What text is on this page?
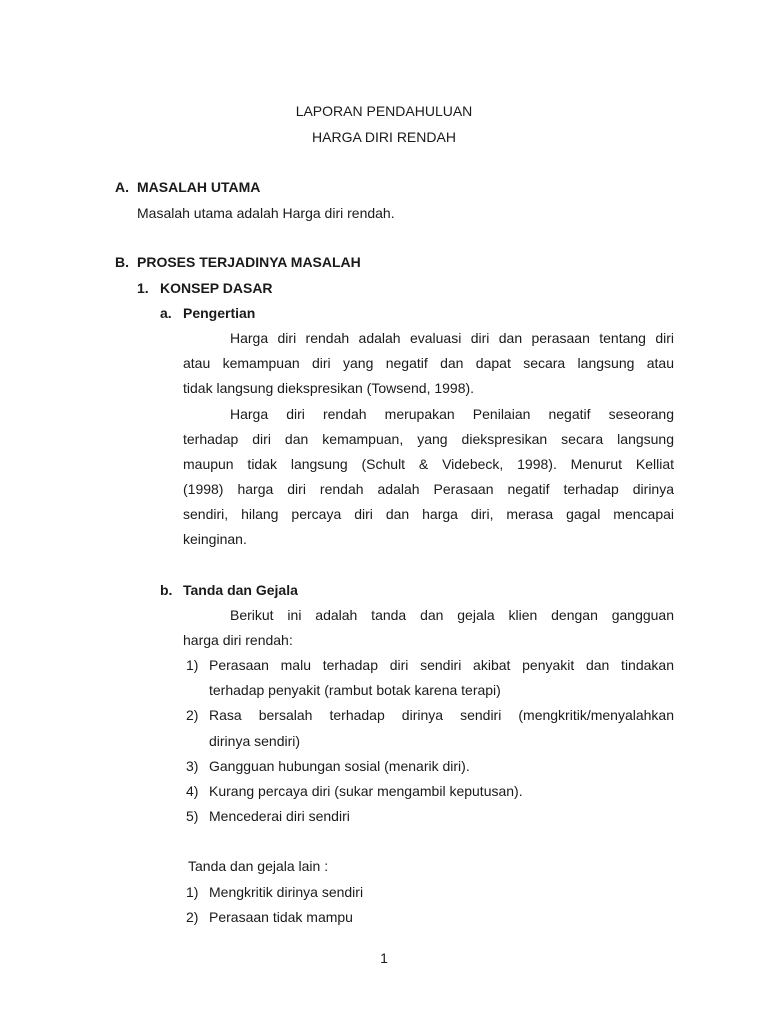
LAPORAN PENDAHULUAN
HARGA DIRI RENDAH
A. MASALAH UTAMA
Masalah utama adalah Harga diri rendah.
B. PROSES TERJADINYA MASALAH
1. KONSEP DASAR
a. Pengertian
Harga diri rendah adalah evaluasi diri dan perasaan tentang diri
atau kemampuan diri yang negatif dan dapat secara langsung atau
tidak langsung diekspresikan (Towsend, 1998).
Harga diri rendah merupakan Penilaian negatif seseorang
terhadap diri dan kemampuan, yang diekspresikan secara langsung
maupun tidak langsung (Schult & Videbeck, 1998). Menurut Kelliat
(1998) harga diri rendah adalah Perasaan negatif terhadap dirinya
sendiri, hilang percaya diri dan harga diri, merasa gagal mencapai
keinginan.
b. Tanda dan Gejala
Berikut ini adalah tanda dan gejala klien dengan gangguan
harga diri rendah:
1) Perasaan malu terhadap diri sendiri akibat penyakit dan tindakan
terhadap penyakit (rambut botak karena terapi)
2) Rasa bersalah terhadap dirinya sendiri (mengkritik/menyalahkan
dirinya sendiri)
3) Gangguan hubungan sosial (menarik diri).
4) Kurang percaya diri (sukar mengambil keputusan).
5) Mencederai diri sendiri
Tanda dan gejala lain :
1) Mengkritik dirinya sendiri
2) Perasaan tidak mampu
1
